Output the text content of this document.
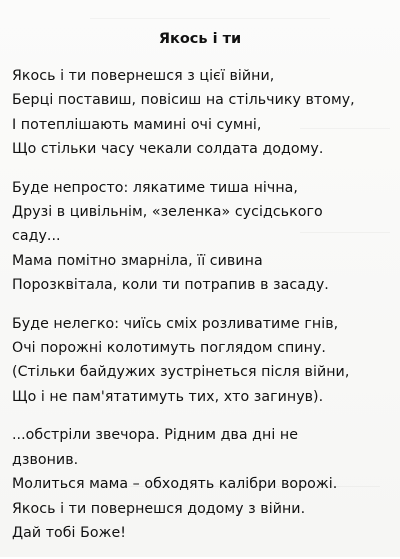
Якось і ти
Якось і ти повернешся з цієї війни,
Берці поставиш, повісиш на стільчику втому,
І потеплішають мамині очі сумні,
Що стільки часу чекали солдата додому.
Буде непросто: лякатиме тиша нічна,
Друзі в цивільнім, «зеленка» сусідського
саду...
Мама помітно змарніла, її сивина
Порозквітала, коли ти потрапив в засаду.
Буде нелегко: чиїсь сміх розливатиме гнів,
Очі порожні колотимуть поглядом спину.
(Стільки байдужих зустрінеться після війни,
Що і не пам'ятатимуть тих, хто загинув).
...обстріли звечора. Рідним два дні не
дзвонив.
Молиться мама – обходять калібри ворожі.
Якось і ти повернешся додому з війни.
Дай тобі Боже!
